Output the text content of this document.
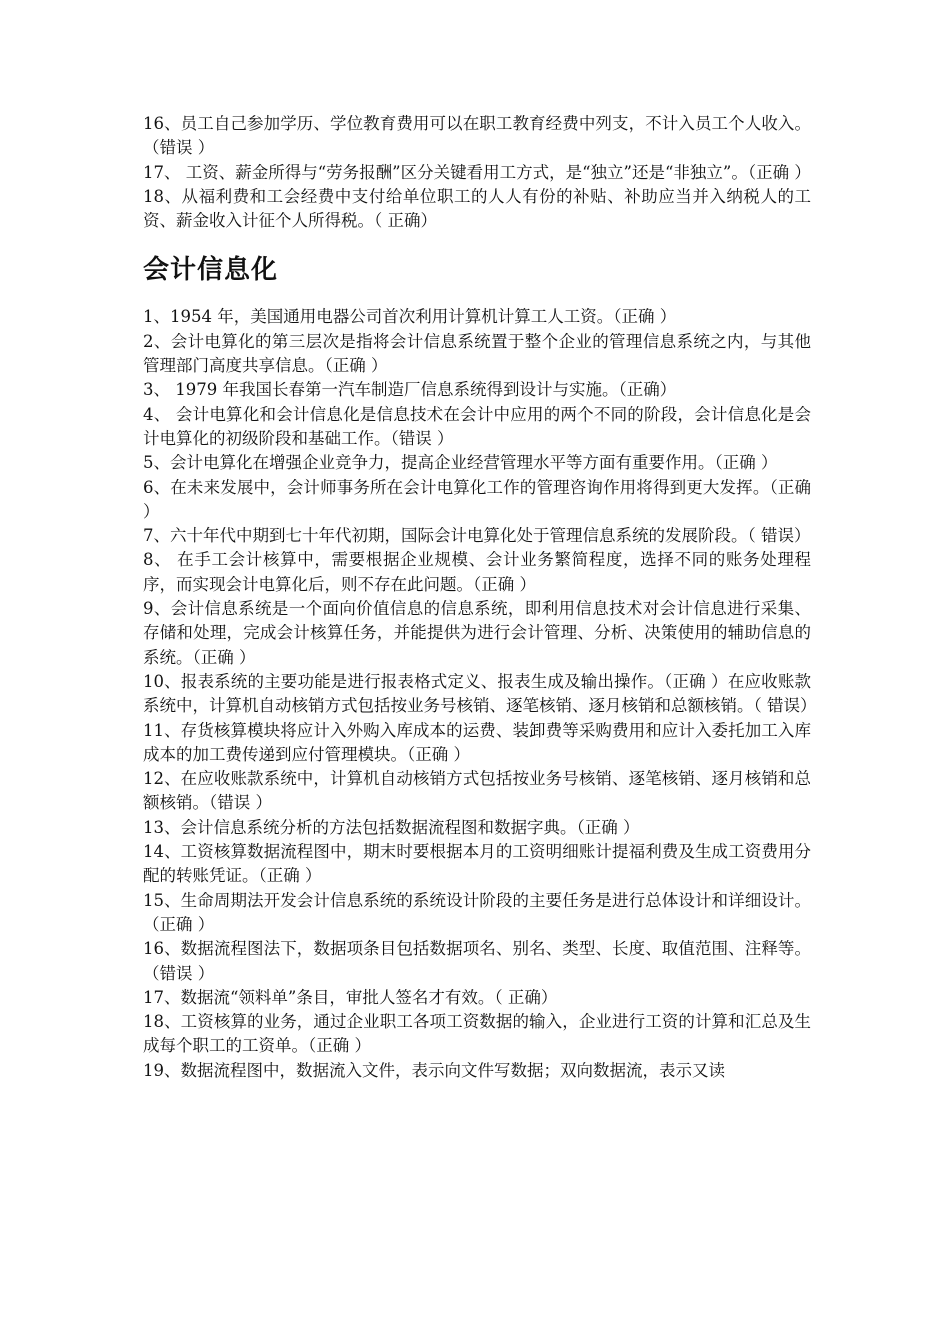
16、员工自己参加学历、学位教育费用可以在职工教育经费中列支，不计入员工个人收入。（错误 ）

17、 工资、薪金所得与“劳务报酬”区分关键看用工方式，是“独立”还是“非独立”。（正确 ）

18、从福利费和工会经费中支付给单位职工的人人有份的补贴、补助应当并入纳税人的工资、薪金收入计征个人所得税。（ 正确）

会计信息化

1、1954 年，美国通用电器公司首次利用计算机计算工人工资。（正确 ）

2、会计电算化的第三层次是指将会计信息系统置于整个企业的管理信息系统之内，与其他管理部门高度共享信息。（正确 ）

3、 1979 年我国长春第一汽车制造厂信息系统得到设计与实施。（正确）

4、 会计电算化和会计信息化是信息技术在会计中应用的两个不同的阶段，会计信息化是会计电算化的初级阶段和基础工作。（错误 ）

5、会计电算化在增强企业竞争力，提高企业经营管理水平等方面有重要作用。（正确 ）

6、在未来发展中，会计师事务所在会计电算化工作的管理咨询作用将得到更大发挥。（正确 ）

7、六十年代中期到七十年代初期，国际会计电算化处于管理信息系统的发展阶段。（ 错误）

8、 在手工会计核算中，需要根据企业规模、会计业务繁简程度，选择不同的账务处理程序，而实现会计电算化后，则不存在此问题。（正确 ）

9、会计信息系统是一个面向价值信息的信息系统，即利用信息技术对会计信息进行采集、存储和处理，完成会计核算任务，并能提供为进行会计管理、分析、决策使用的辅助信息的系统。（正确 ）

10、报表系统的主要功能是进行报表格式定义、报表生成及输出操作。（正确 ）在应收账款系统中，计算机自动核销方式包括按业务号核销、逐笔核销、逐月核销和总额核销。（ 错误）

11、存货核算模块将应计入外购入库成本的运费、装卸费等采购费用和应计入委托加工入库成本的加工费传递到应付管理模块。（正确 ）

12、在应收账款系统中，计算机自动核销方式包括按业务号核销、逐笔核销、逐月核销和总额核销。（错误 ）

13、会计信息系统分析的方法包括数据流程图和数据字典。（正确 ）

14、工资核算数据流程图中，期末时要根据本月的工资明细账计提福利费及生成工资费用分配的转账凭证。（正确 ）

15、生命周期法开发会计信息系统的系统设计阶段的主要任务是进行总体设计和详细设计。（正确 ）

16、数据流程图法下，数据项条目包括数据项名、别名、类型、长度、取值范围、注释等。（错误 ）

17、数据流“领料单”条目，审批人签名才有效。（ 正确）

18、工资核算的业务，通过企业职工各项工资数据的输入，企业进行工资的计算和汇总及生成每个职工的工资单。（正确 ）

19、数据流程图中，数据流入文件，表示向文件写数据；双向数据流，表示又读
